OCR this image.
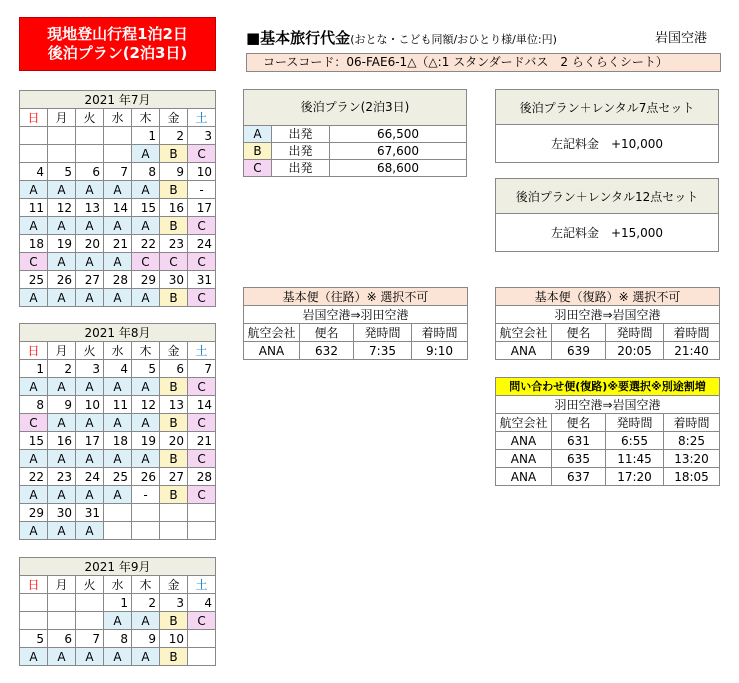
現地登山行程1泊2日
後泊プラン(2泊3日)
■基本旅行代金(おとな・こども同額/おひとり様/単位:円)	岩国空港
コースコード：06-FAE6-1△（△:1 スタンダードバス　2 らくらくシート）
2021 年7月						
日	月	火	水	木	金	土
				1	2	3
				A	B	C
4	5	6	7	8	9	10
A	A	A	A	A	B	-
11	12	13	14	15	16	17
A	A	A	A	A	B	C
18	19	20	21	22	23	24
C	A	A	A	C	C	C
25	26	27	28	29	30	31
A	A	A	A	A	B	C
2021 年8月						
日	月	火	水	木	金	土
1	2	3	4	5	6	7
A	A	A	A	A	B	C
8	9	10	11	12	13	14
C	A	A	A	A	B	C
15	16	17	18	19	20	21
A	A	A	A	A	B	C
22	23	24	25	26	27	28
A	A	A	A	-	B	C
29	30	31				
A	A	A				
2021 年9月						
日	月	火	水	木	金	土
			1	2	3	4
			A	A	B	C
5	6	7	8	9	10	
A	A	A	A	A	B	
後泊プラン(2泊3日)		
A	出発	66,500
B	出発	67,600
C	出発	68,600
後泊プラン＋レンタル7点セット
左記料金　+10,000
後泊プラン＋レンタル12点セット
左記料金　+15,000
基本便（往路）※ 選択不可			
岩国空港⇒羽田空港			
航空会社	便名	発時間	着時間
ANA	632	7:35	9:10
基本便（復路）※ 選択不可			
羽田空港⇒岩国空港			
航空会社	便名	発時間	着時間
ANA	639	20:05	21:40
問い合わせ便(復路)※要選択※別途割増			
羽田空港⇒岩国空港			
航空会社	便名	発時間	着時間
ANA	631	6:55	8:25
ANA	635	11:45	13:20
ANA	637	17:20	18:05
